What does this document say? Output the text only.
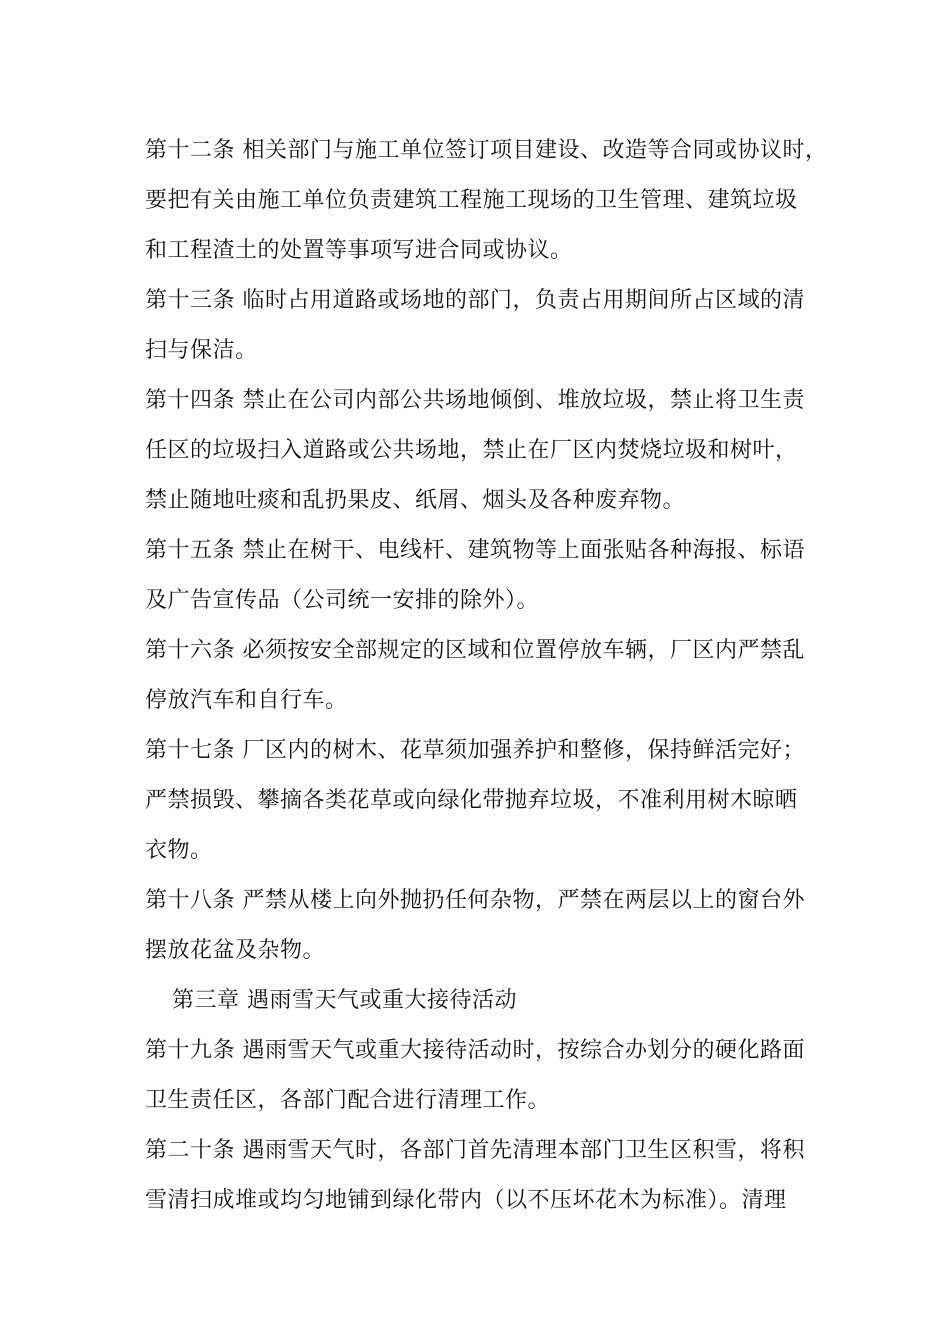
第十二条 相关部门与施工单位签订项目建设、改造等合同或协议时，
要把有关由施工单位负责建筑工程施工现场的卫生管理、建筑垃圾
和工程渣土的处置等事项写进合同或协议。
第十三条 临时占用道路或场地的部门，负责占用期间所占区域的清
扫与保洁。
第十四条 禁止在公司内部公共场地倾倒、堆放垃圾，禁止将卫生责
任区的垃圾扫入道路或公共场地，禁止在厂区内焚烧垃圾和树叶，
禁止随地吐痰和乱扔果皮、纸屑、烟头及各种废弃物。
第十五条 禁止在树干、电线杆、建筑物等上面张贴各种海报、标语
及广告宣传品（公司统一安排的除外）。
第十六条 必须按安全部规定的区域和位置停放车辆，厂区内严禁乱
停放汽车和自行车。
第十七条 厂区内的树木、花草须加强养护和整修，保持鲜活完好；
严禁损毁、攀摘各类花草或向绿化带抛弃垃圾，不准利用树木晾晒
衣物。
第十八条 严禁从楼上向外抛扔任何杂物，严禁在两层以上的窗台外
摆放花盆及杂物。
第三章 遇雨雪天气或重大接待活动
第十九条 遇雨雪天气或重大接待活动时，按综合办划分的硬化路面
卫生责任区，各部门配合进行清理工作。
第二十条 遇雨雪天气时，各部门首先清理本部门卫生区积雪，将积
雪清扫成堆或均匀地铺到绿化带内（以不压坏花木为标准）。清理
